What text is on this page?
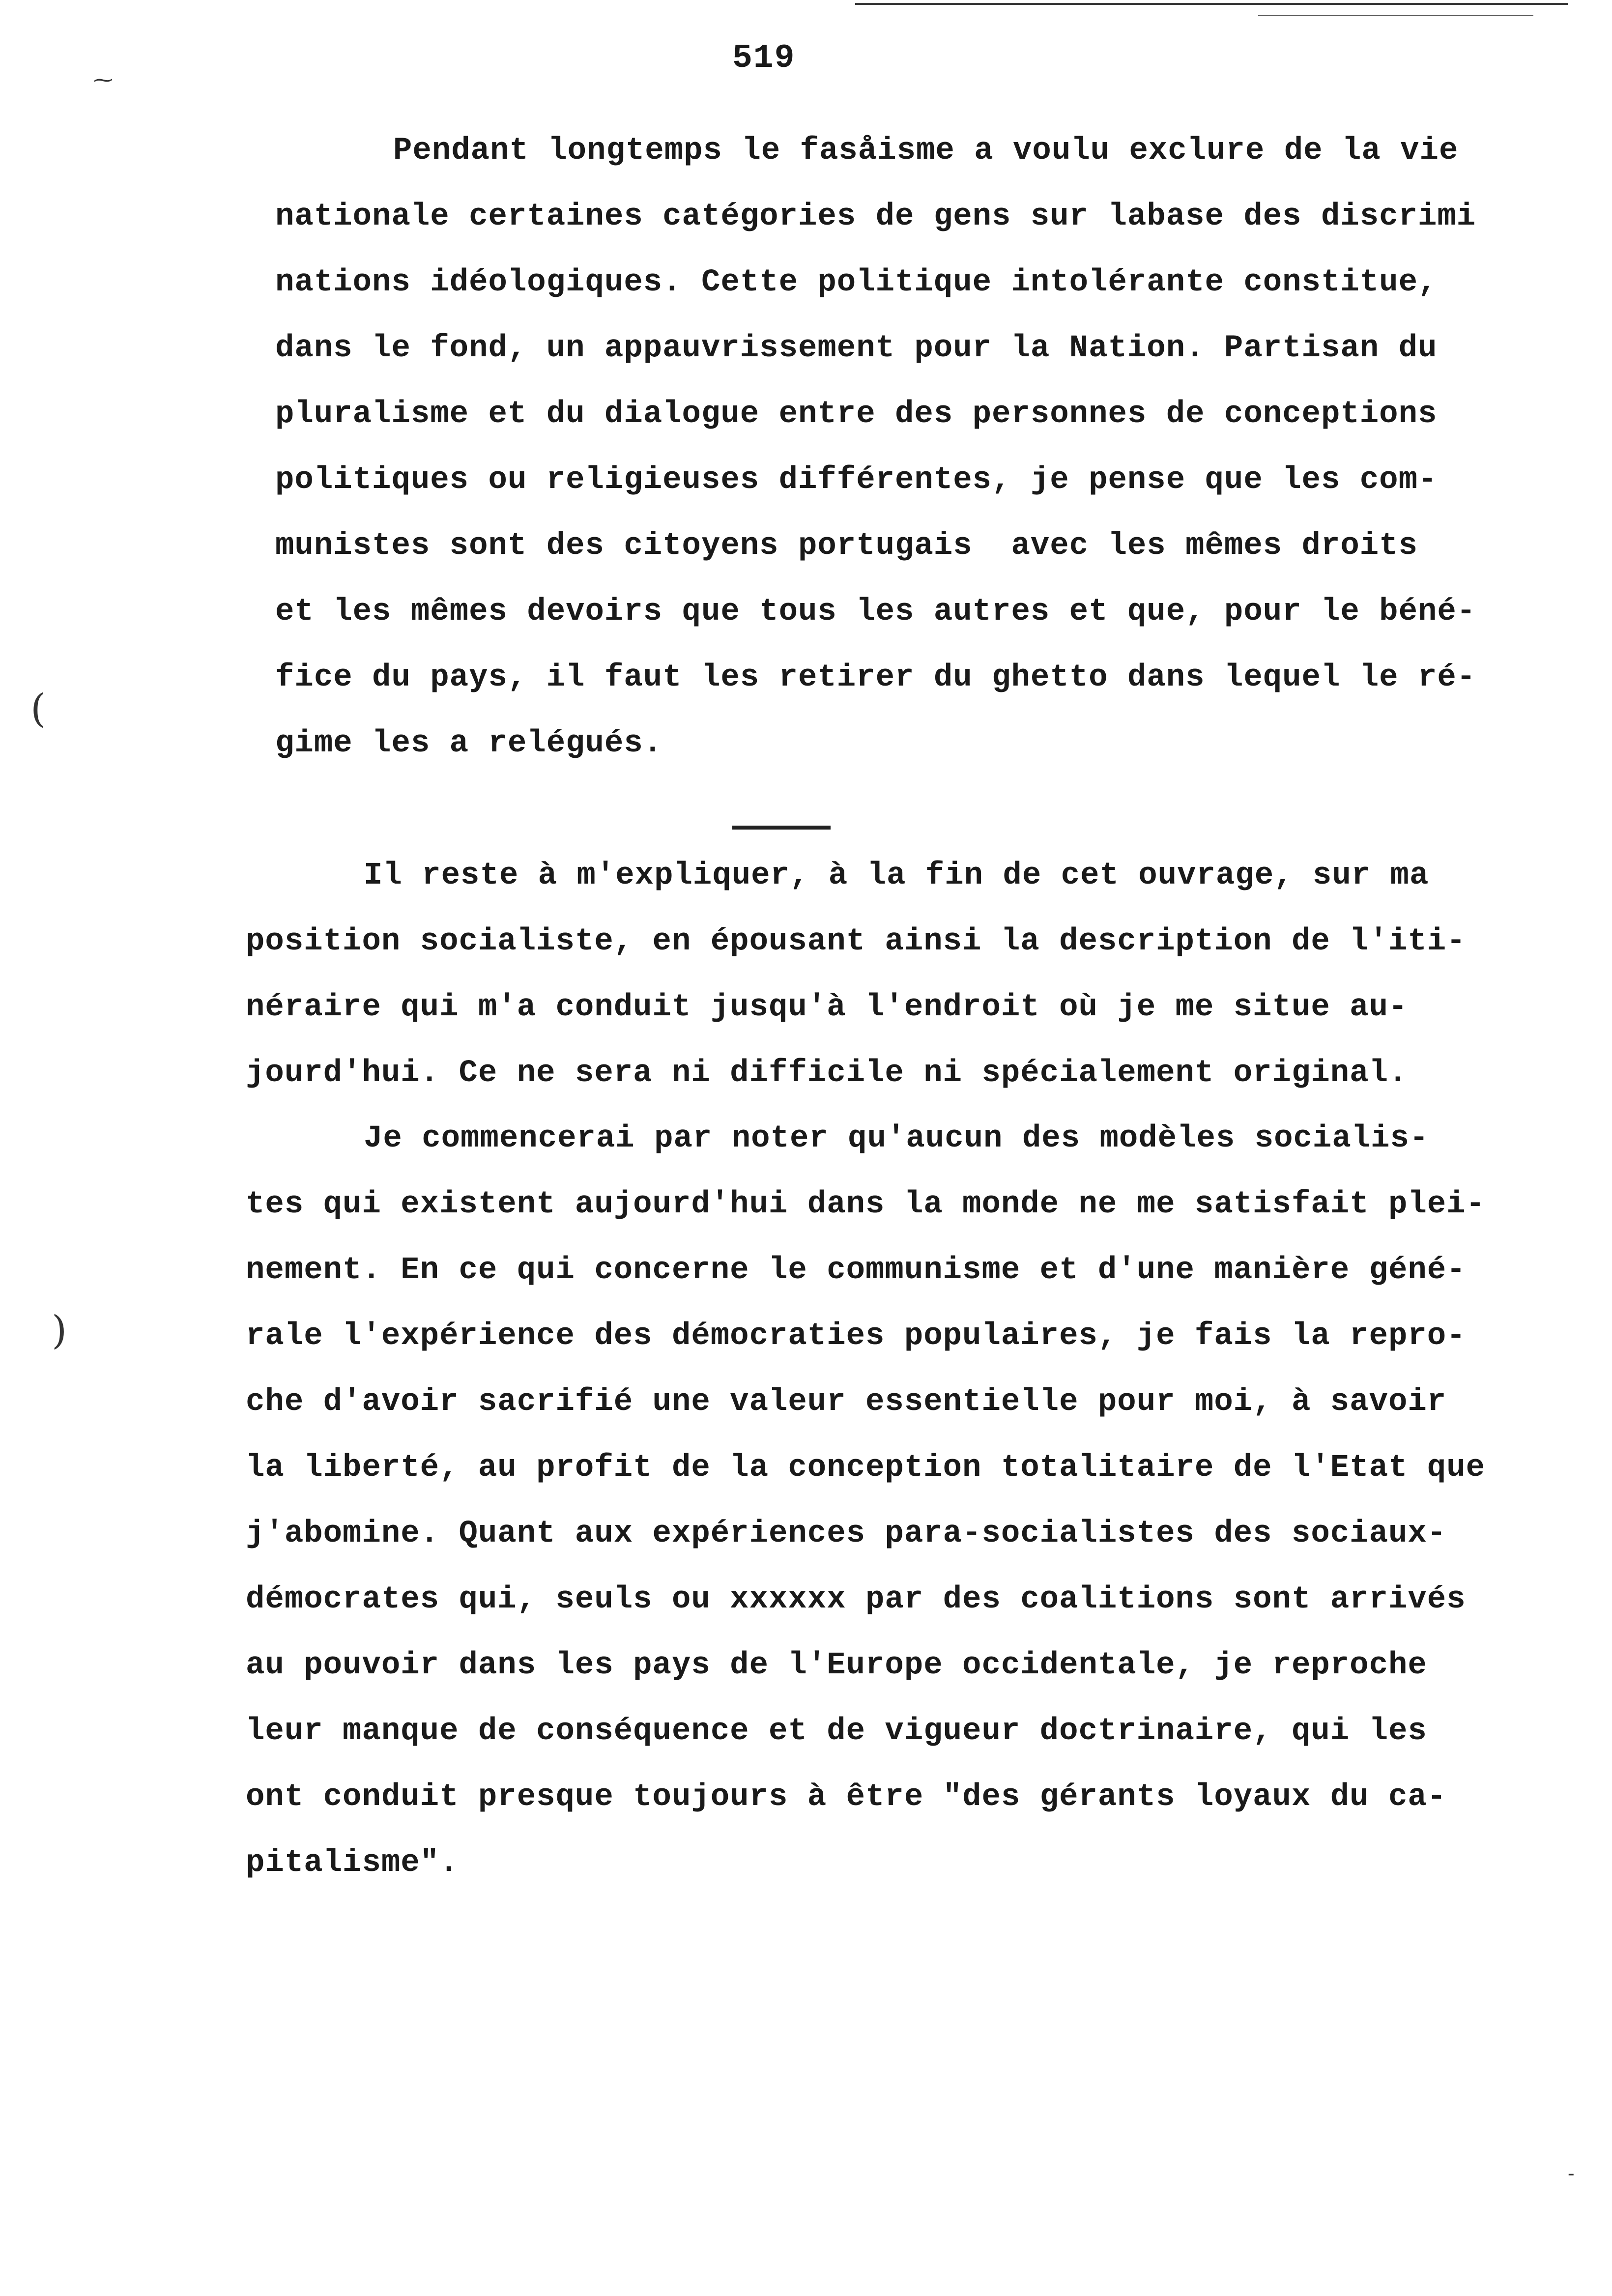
519
⁓
(
)
-
Pendant longtemps le fasåisme a voulu exclure de la vie
nationale certaines catégories de gens sur labase des discrimi
nations idéologiques. Cette politique intolérante constitue,
dans le fond, un appauvrissement pour la Nation. Partisan du
pluralisme et du dialogue entre des personnes de conceptions
politiques ou religieuses différentes, je pense que les com-
munistes sont des citoyens portugais  avec les mêmes droits
et les mêmes devoirs que tous les autres et que, pour le béné-
fice du pays, il faut les retirer du ghetto dans lequel le ré-
gime les a relégués.
Il reste à m'expliquer, à la fin de cet ouvrage, sur ma
position socialiste, en épousant ainsi la description de l'iti-
néraire qui m'a conduit jusqu'à l'endroit où je me situe au-
jourd'hui. Ce ne sera ni difficile ni spécialement original.
Je commencerai par noter qu'aucun des modèles socialis-
tes qui existent aujourd'hui dans la monde ne me satisfait plei-
nement. En ce qui concerne le communisme et d'une manière géné-
rale l'expérience des démocraties populaires, je fais la repro-
che d'avoir sacrifié une valeur essentielle pour moi, à savoir
la liberté, au profit de la conception totalitaire de l'Etat que
j'abomine. Quant aux expériences para-socialistes des sociaux-
démocrates qui, seuls ou xxxxxx par des coalitions sont arrivés
au pouvoir dans les pays de l'Europe occidentale, je reproche
leur manque de conséquence et de vigueur doctrinaire, qui les
ont conduit presque toujours à être "des gérants loyaux du ca-
pitalisme".
